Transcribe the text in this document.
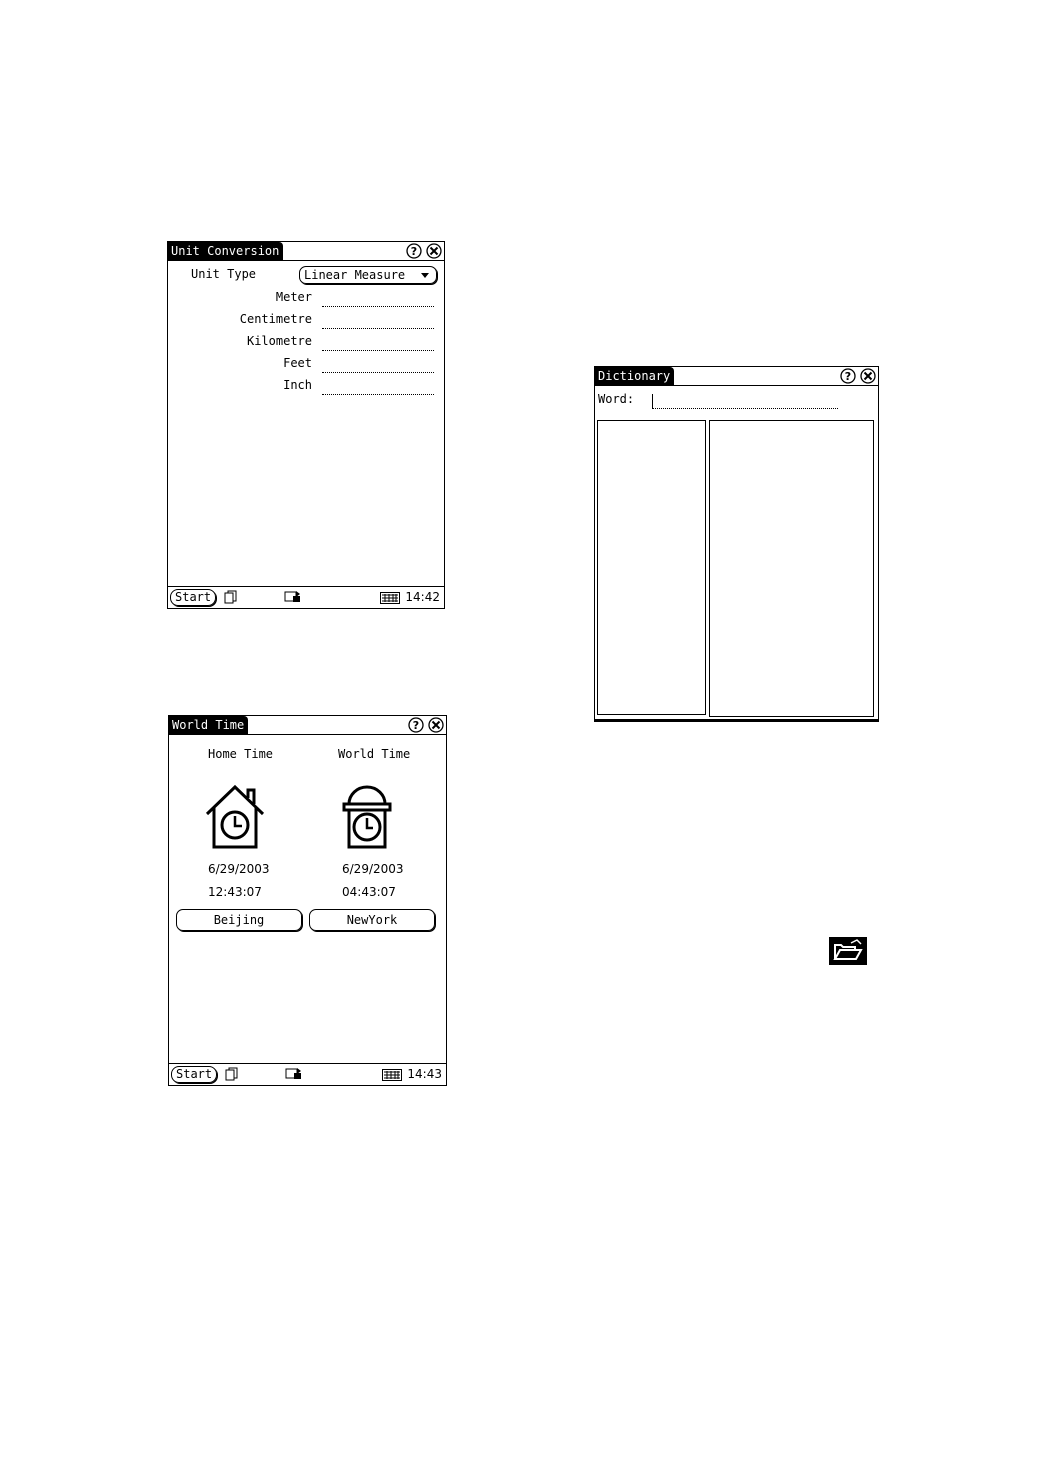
Unit Conversion	?
Unit Type	Linear Measure
Meter
Centimetre
Kilometre
Feet
Inch
Start	14:42
World Time	?
Home Time	World Time
6/29/2003	6/29/2003
12:43:07	04:43:07
Beijing	NewYork
Start	14:43
Dictionary	?
Word:
